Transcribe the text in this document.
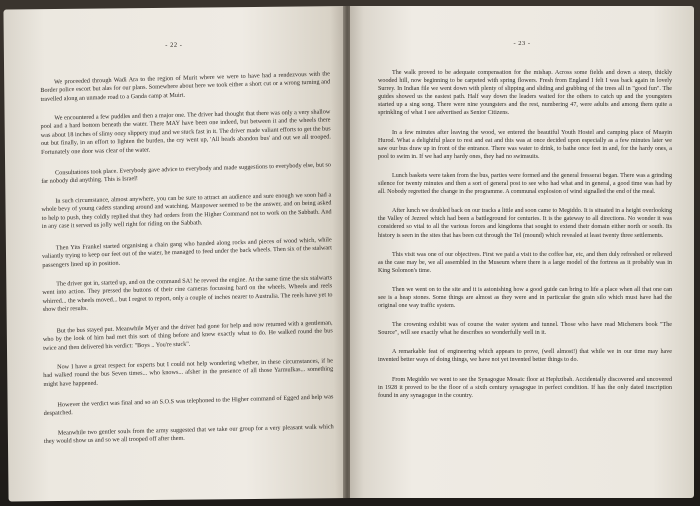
- 22 -

We proceeded through Wadi Ara to the region of Murit where we were to have had a rendezvous with the Border police escort but alas for our plans. Somewhere about here we took either a short cut or a wrong turning and travelled along an unmade road to a Ganda camp at Muirt.

We encountered a few puddles and then a major one. The driver had thought that there was only a very shallow pool and a hard bottom beneath the water. There MAY have been one indeed, but between it and the wheels there was about 18 inches of slimy oozy slippery mud and we stuck fast in it. The driver made valiant efforts to get the bus out but finally, in an effort to lighten the burden, the cry went up, 'All heads abandon bus' and out we all trooped. Fortunately one door was clear of the water.

Consultations took place. Everybody gave advice to everybody and made suggestions to everybody else, but so far nobody did anything. This is Israel!

In such circumstance, almost anywhere, you can be sure to attract an audience and sure enough we soon had a whole bevy of young cadets standing around and watching. Manpower seemed to be the answer, and on being asked to help to push, they coldly replied that they had orders from the Higher Command not to work on the Sabbath. And in any case it served us jolly well right for riding on the Sabbath.

Then Yits Frankel started organising a chain gang who handed along rocks and pieces of wood which, while valiantly trying to keep our feet out of the water, he managed to feed under the back wheels. Then six of the stalwart passengers lined up in position.

The driver got in, started up, and on the command SA! he revved the engine. At the same time the six stalwarts went into action. They pressed the buttons of their cine cameras focussing hard on the wheels. Wheels and reels whirred... the wheels moved... but I regret to report, only a couple of inches nearer to Australia. The reels have yet to show their results.

But the bus stayed put. Meanwhile Myer and the driver had gone for help and now returned with a gentleman, who by the look of him had met this sort of thing before and knew exactly what to do. He walked round the bus twice and then delivered his verdict: "Boys .. You're stuck".

Now I have a great respect for experts but I could not help wondering whether, in these circumstances, if he had walked round the bus Seven times... who knows... afsher in the presence of all those Yarmulkas... something might have happened.

However the verdict was final and so an S.O.S was telephoned to the Higher command of Egged and help was despatched.

Meanwhile two gentler souls from the army suggested that we take our group for a very pleasant walk which they would show us and so we all trooped off after them.

- 23 -

The walk proved to be adequate compensation for the mishap. Across some fields and down a steep, thickly wooded hill, now beginning to be carpeted with spring flowers. Fresh from England I felt I was back again in lovely Surrey. In Indian file we went down with plenty of slipping and sliding and grabbing of the trees all in "good fun". The guides showed us the easiest path. Half way down the leaders waited for the others to catch up and the youngsters started up a sing song. There were nine youngsters and the rest, numbering 47, were adults and among them quite a sprinkling of what I see advertised as Senior Citizens.

In a few minutes after leaving the wood, we entered the beautiful Youth Hostel and camping place of Muayin Hurod. What a delightful place to rest and eat and this was at once decided upon especially as a few minutes later we saw our bus draw up in front of the entrance. There was water to drink, to bathe once feet in and, for the hardy ones, a pool to swim in. If we had any hardy ones, they had no swimsuits.

Lunch baskets were taken from the bus, parties were formed and the general fresserai began. There was a grinding silence for twenty minutes and then a sort of general post to see who had what and in general, a good time was had by all. Nobody regretted the change in the programme. A communal explosion of wind signalled the end of the meal.

After lunch we doubled back on our tracks a little and soon came to Megiddo. It is situated in a height overlooking the Valley of Jezreel which had been a battleground for centuries. It is the gateway to all directions. No wonder it was considered so vital to all the various forces and kingdoms that sought to extend their domain either north or south. Its history is seen in the sites that has been cut through the Tel (mound) which revealed at least twenty three settlements.

This visit was one of our objectives. First we paid a visit to the coffee bar, etc, and then duly refreshed or relieved as the case may be, we all assembled in the Museum where there is a large model of the fortress as it probably was in King Solomon's time.

Then we went on to the site and it is astonishing how a good guide can bring to life a place when all that one can see is a heap stones. Some things are almost as they were and in particular the grain silo which must have had the original one way traffic system.

The crowning exhibit was of course the water system and tunnel. Those who have read Micheners book "The Source", will see exactly what he describes so wonderfully well in it.

A remarkable feat of engineering which appears to prove, (well almost!) that while we in our time may have invented better ways of doing things, we have not yet invented better things to do.

From Megiddo we went to see the Synagogue Mosaic floor at Hephzibah. Accidentally discovered and uncovered in 1928 it proved to be the floor of a sixth century synagogue in perfect condition. If has the only dated inscription found in any synagogue in the country.
